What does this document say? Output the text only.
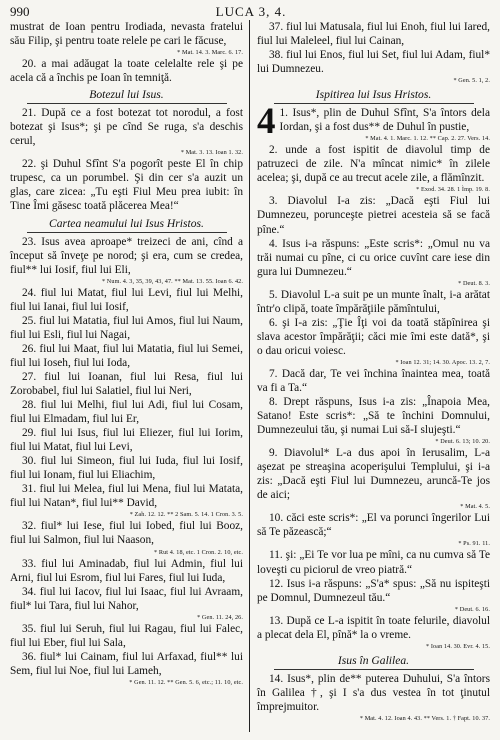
990	LUCA 3, 4.

mustrat de Ioan pentru Irodiada, nevasta fratelui său Filip, şi pentru toate relele pe cari le făcuse,

* Mat. 14. 3. Marc. 6. 17.

20. a mai adăugat la toate celelalte rele şi pe acela că a închis pe Ioan în temniţă.

Botezul lui Isus.

21. După ce a fost botezat tot norodul, a fost botezat şi Isus*; şi pe cînd Se ruga, s'a deschis cerul,

* Mat. 3. 13. Ioan 1. 32.

22. şi Duhul Sfînt S'a pogorît peste El în chip trupesc, ca un porumbel. Şi din cer s'a auzit un glas, care zicea: „Tu eşti Fiul Meu prea iubit: în Tine Îmi găsesc toată plăcerea Mea!“

Cartea neamului lui Isus Hristos.

23. Isus avea aproape* treizeci de ani, cînd a început să înveţe pe norod; şi era, cum se credea, fiul** lui Iosif, fiul lui Eli,

* Num. 4. 3, 35, 39, 43, 47. ** Mat. 13. 55. Ioan 6. 42.

24. fiul lui Matat, fiul lui Levi, fiul lui Melhi, fiul lui Ianai, fiul lui Iosif,

25. fiul lui Matatia, fiul lui Amos, fiul lui Naum, fiul lui Esli, fiul lui Nagai,

26. fiul lui Maat, fiul lui Matatia, fiul lui Semei, fiul lui Ioseh, fiul lui Ioda,

27. fiul lui Ioanan, fiul lui Resa, fiul lui Zorobabel, fiul lui Salatiel, fiul lui Neri,

28. fiul lui Melhi, fiul lui Adi, fiul lui Cosam, fiul lui Elmadam, fiul lui Er,

29. fiul lui Isus, fiul lui Eliezer, fiul lui Iorim, fiul lui Matat, fiul lui Levi,

30. fiul lui Simeon, fiul lui Iuda, fiul lui Iosif, fiul lui Ionam, fiul lui Eliachim,

31. fiul lui Melea, fiul lui Mena, fiul lui Matata, fiul lui Natan*, fiul lui** David,

* Zah. 12. 12. ** 2 Sam. 5. 14. 1 Cron. 3. 5.

32. fiul* lui Iese, fiul lui Iobed, fiul lui Booz, fiul lui Salmon, fiul lui Naason,

* Rut 4. 18, etc. 1 Cron. 2. 10, etc.

33. fiul lui Aminadab, fiul lui Admin, fiul lui Arni, fiul lui Esrom, fiul lui Fares, fiul lui Iuda,

34. fiul lui Iacov, fiul lui Isaac, fiul lui Avraam, fiul* lui Tara, fiul lui Nahor,

* Gen. 11. 24, 26.

35. fiul lui Seruh, fiul lui Ragau, fiul lui Falec, fiul lui Eber, fiul lui Sala,

36. fiul* lui Cainam, fiul lui Arfaxad, fiul** lui Sem, fiul lui Noe, fiul lui Lameh,

* Gen. 11. 12. ** Gen. 5. 6, etc.; 11. 10, etc.

37. fiul lui Matusala, fiul lui Enoh, fiul lui Iared, fiul lui Maleleel, fiul lui Cainan,

38. fiul lui Enos, fiul lui Set, fiul lui Adam, fiul* lui Dumnezeu.

* Gen. 5. 1, 2.

Ispitirea lui Isus Hristos.

4 1. Isus*, plin de Duhul Sfînt, S'a întors dela Iordan, şi a fost dus** de Duhul în pustie,

* Mat. 4. 1. Marc. 1. 12. ** Cap. 2. 27. Vers. 14.

2. unde a fost ispitit de diavolul timp de patruzeci de zile. N'a mîncat nimic* în zilele acelea; şi, după ce au trecut acele zile, a flămînzit.

* Exod. 34. 28. 1 Ìmp. 19. 8.

3. Diavolul I-a zis: „Dacă eşti Fiul lui Dumnezeu, porunceşte pietrei acesteia să se facă pîne.“

4. Isus i-a răspuns: „Este scris*: „Omul nu va trăi numai cu pîne, ci cu orice cuvînt care iese din gura lui Dumnezeu.“

* Deut. 8. 3.

5. Diavolul L-a suit pe un munte înalt, i-a arătat într'o clipă, toate împărăţiile pămîntului,

6. şi I-a zis: „Ţie Îţi voi da toată stăpînirea şi slava acestor împărăţii; căci mie îmi este dată*, şi o dau oricui voiesc.

* Ioan 12. 31; 14. 30. Apoc. 13. 2, 7.

7. Dacă dar, Te vei închina înaintea mea, toată va fi a Ta.“

8. Drept răspuns, Isus i-a zis: „Înapoia Mea, Satano! Este scris*: „Să te închini Domnului, Dumnezeului tău, şi numai Lui să-I slujeşti.“

* Deut. 6. 13; 10. 20.

9. Diavolul* L-a dus apoi în Ierusalim, L-a aşezat pe streaşina acoperişului Templului, şi i-a zis: „Dacă eşti Fiul lui Dumnezeu, aruncă-Te jos de aici;

* Mat. 4. 5.

10. căci este scris*: „El va porunci îngerilor Lui să Te păzească;“

* Ps. 91. 11.

11. şi: „Ei Te vor lua pe mîni, ca nu cumva să Te loveşti cu piciorul de vreo piatră.“

12. Isus i-a răspuns: „S'a* spus: „Să nu ispiteşti pe Domnul, Dumnezeul tău.“

* Deut. 6. 16.

13. După ce L-a ispitit în toate felurile, diavolul a plecat dela El, pînă* la o vreme.

* Ioan 14. 30. Evr. 4. 15.

Isus în Galilea.

14. Isus*, plin de** puterea Duhului, S'a întors în Galilea †, şi I s'a dus vestea în tot ţinutul împrejmuitor.

* Mat. 4. 12. Ioan 4. 43. ** Vers. 1. † Fapt. 10. 37.
